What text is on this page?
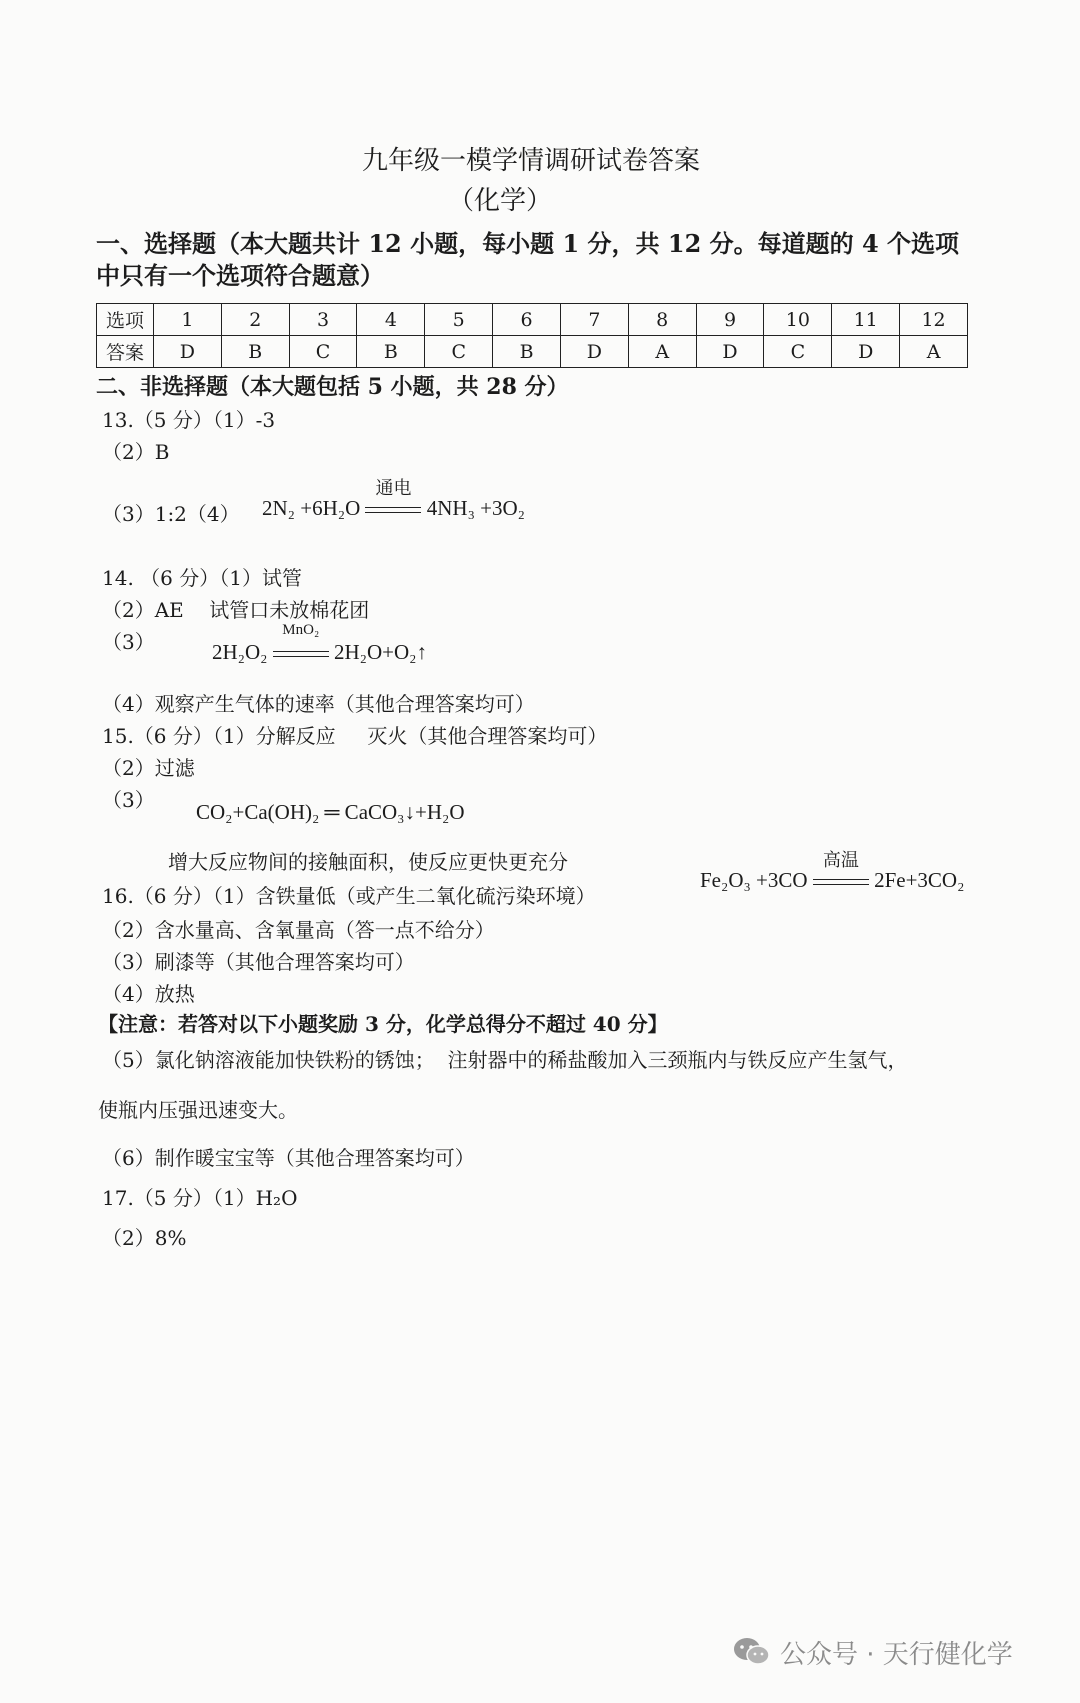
九年级一模学情调研试卷答案
（化学）
一、选择题（本大题共计 12 小题，每小题 1 分，共 12 分。每道题的 4 个选项
中只有一个选项符合题意）
选项	1	2	3	4	5	6	7	8	9	10	11	12
答案	D	B	C	B	C	B	D	A	D	C	D	A
二、非选择题（本大题包括 5 小题，共 28 分）
13.（5 分）（1）-3
（2）B
（3）1:2（4） 2N₂ +6H₂O
通电
4NH₃ +3O₂
14. （6 分）（1）试管
（2）AE    试管口未放棉花团
（3）	2H₂O₂
MnO₂
2H₂O+O₂↑
（4）观察产生气体的速率（其他合理答案均可）
15.（6 分）（1）分解反应     灭火（其他合理答案均可）
（2）过滤
（3） CO₂+Ca(OH)₂ ═ CaCO₃↓+H₂O
增大反应物间的接触面积，使反应更快更充分
Fe₂O₃ +3CO
高温
2Fe+3CO₂
16.（6 分）（1）含铁量低（或产生二氧化硫污染环境）
（2）含水量高、含氧量高（答一点不给分）
（3）刷漆等（其他合理答案均可）
（4）放热
【注意：若答对以下小题奖励 3 分，化学总得分不超过 40 分】
（5）氯化钠溶液能加快铁粉的锈蚀；  注射器中的稀盐酸加入三颈瓶内与铁反应产生氢气，
使瓶内压强迅速变大。
（6）制作暖宝宝等（其他合理答案均可）
17.（5 分）（1）H₂O
（2）8%
公众号 · 天行健化学
